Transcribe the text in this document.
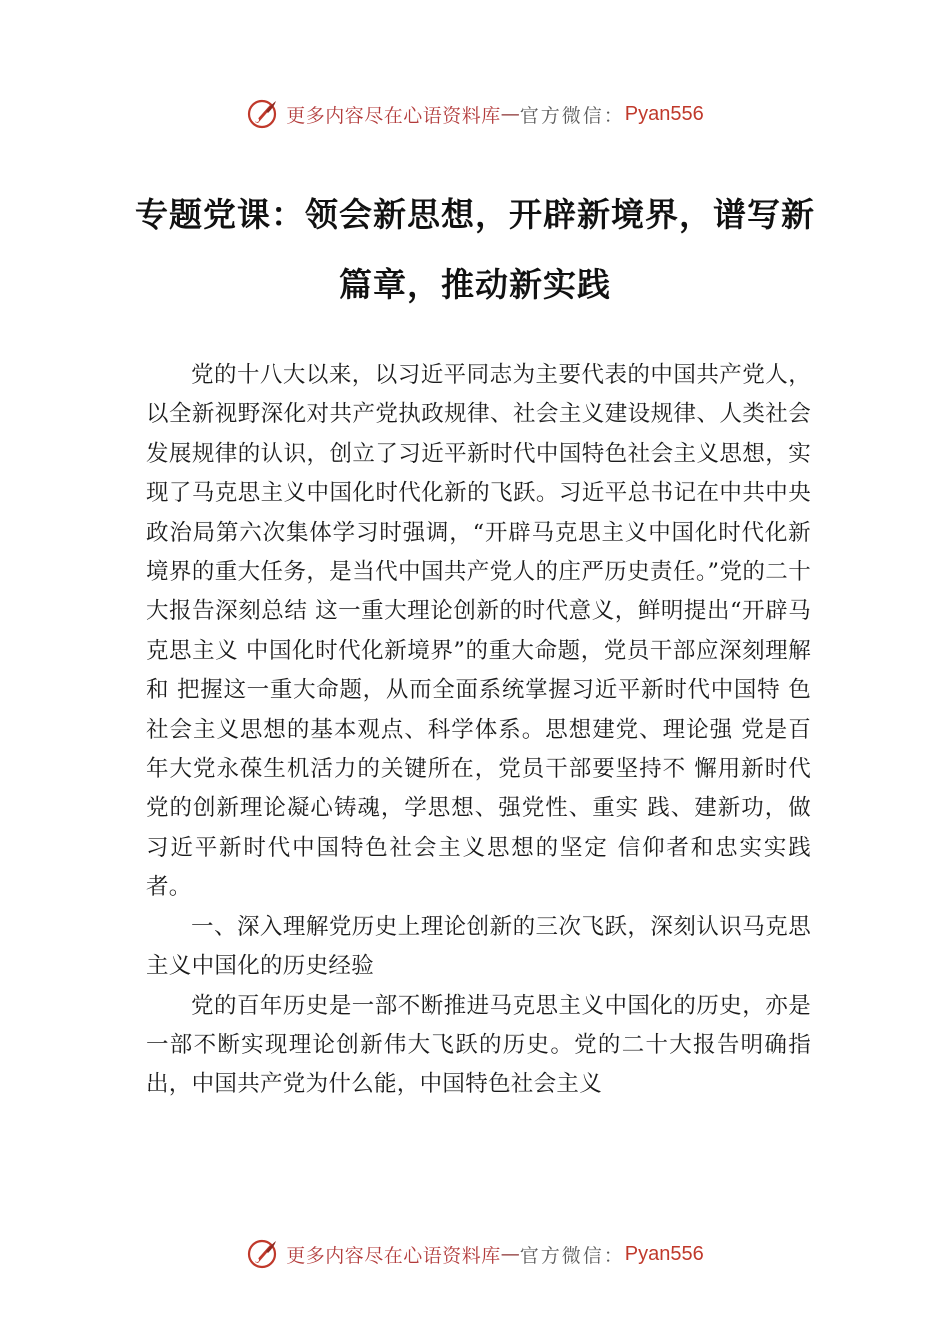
更多内容尽在心语资料库 — 官方微信： Pyan556
专题党课：领会新思想，开辟新境界，谱写新篇章，推动新实践

党的十八大以来，以习近平同志为主要代表的中国共产党人，以全新视野深化对共产党执政规律、社会主义建设规律、人类社会发展规律的认识，创立了习近平新时代中国特色社会主义思想，实现了马克思主义中国化时代化新的飞跃。习近平总书记在中共中央政治局第六次集体学习时强调，“开辟马克思主义中国化时代化新境界的重大任务，是当代中国共产党人的庄严历史责任。”党的二十大报告深刻总结 这一重大理论创新的时代意义，鲜明提出“开辟马克思主义 中国化时代化新境界”的重大命题，党员干部应深刻理解和 把握这一重大命题，从而全面系统掌握习近平新时代中国特 色社会主义思想的基本观点、科学体系。思想建党、理论强 党是百年大党永葆生机活力的关键所在，党员干部要坚持不 懈用新时代党的创新理论凝心铸魂，学思想、强党性、重实 践、建新功，做习近平新时代中国特色社会主义思想的坚定 信仰者和忠实实践者。

一、深入理解党历史上理论创新的三次飞跃，深刻认识马克思主义中国化的历史经验

党的百年历史是一部不断推进马克思主义中国化的历史，亦是一部不断实现理论创新伟大飞跃的历史。党的二十大报告明确指出，中国共产党为什么能，中国特色社会主义

更多内容尽在心语资料库 — 官方微信： Pyan556
